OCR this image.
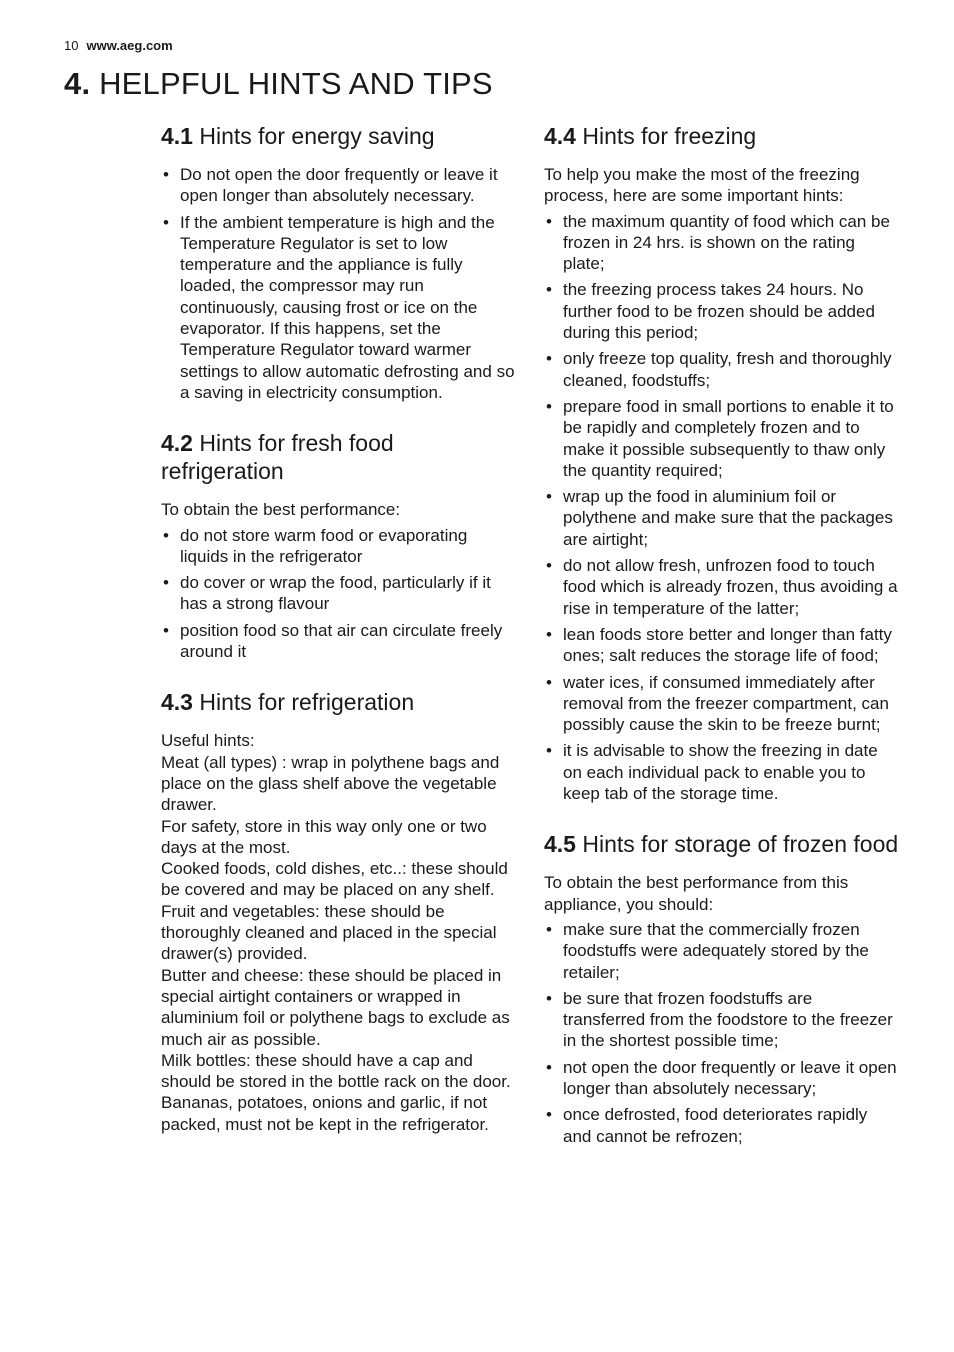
10 www.aeg.com
4. HELPFUL HINTS AND TIPS
4.1 Hints for energy saving
• Do not open the door frequently or leave it open longer than absolutely necessary.
• If the ambient temperature is high and the Temperature Regulator is set to low temperature and the appliance is fully loaded, the compressor may run continuously, causing frost or ice on the evaporator. If this happens, set the Temperature Regulator toward warmer settings to allow automatic defrosting and so a saving in electricity consumption.
4.2 Hints for fresh food refrigeration

To obtain the best performance:

• do not store warm food or evaporating liquids in the refrigerator
• do cover or wrap the food, particularly if it has a strong flavour
• position food so that air can circulate freely around it
4.3 Hints for refrigeration

Useful hints:

Meat (all types) : wrap in polythene bags and place on the glass shelf above the vegetable drawer.

For safety, store in this way only one or two days at the most.

Cooked foods, cold dishes, etc..: these should be covered and may be placed on any shelf.

Fruit and vegetables: these should be thoroughly cleaned and placed in the special drawer(s) provided.

Butter and cheese: these should be placed in special airtight containers or wrapped in aluminium foil or polythene bags to exclude as much air as possible.

Milk bottles: these should have a cap and should be stored in the bottle rack on the door.

Bananas, potatoes, onions and garlic, if not packed, must not be kept in the refrigerator.

4.4 Hints for freezing

To help you make the most of the freezing process, here are some important hints:

• the maximum quantity of food which can be frozen in 24 hrs. is shown on the rating plate;
• the freezing process takes 24 hours. No further food to be frozen should be added during this period;
• only freeze top quality, fresh and thoroughly cleaned, foodstuffs;
• prepare food in small portions to enable it to be rapidly and completely frozen and to make it possible subsequently to thaw only the quantity required;
• wrap up the food in aluminium foil or polythene and make sure that the packages are airtight;
• do not allow fresh, unfrozen food to touch food which is already frozen, thus avoiding a rise in temperature of the latter;
• lean foods store better and longer than fatty ones; salt reduces the storage life of food;
• water ices, if consumed immediately after removal from the freezer compartment, can possibly cause the skin to be freeze burnt;
• it is advisable to show the freezing in date on each individual pack to enable you to keep tab of the storage time.
4.5 Hints for storage of frozen food

To obtain the best performance from this appliance, you should:

• make sure that the commercially frozen foodstuffs were adequately stored by the retailer;
• be sure that frozen foodstuffs are transferred from the foodstore to the freezer in the shortest possible time;
• not open the door frequently or leave it open longer than absolutely necessary;
• once defrosted, food deteriorates rapidly and cannot be refrozen;
